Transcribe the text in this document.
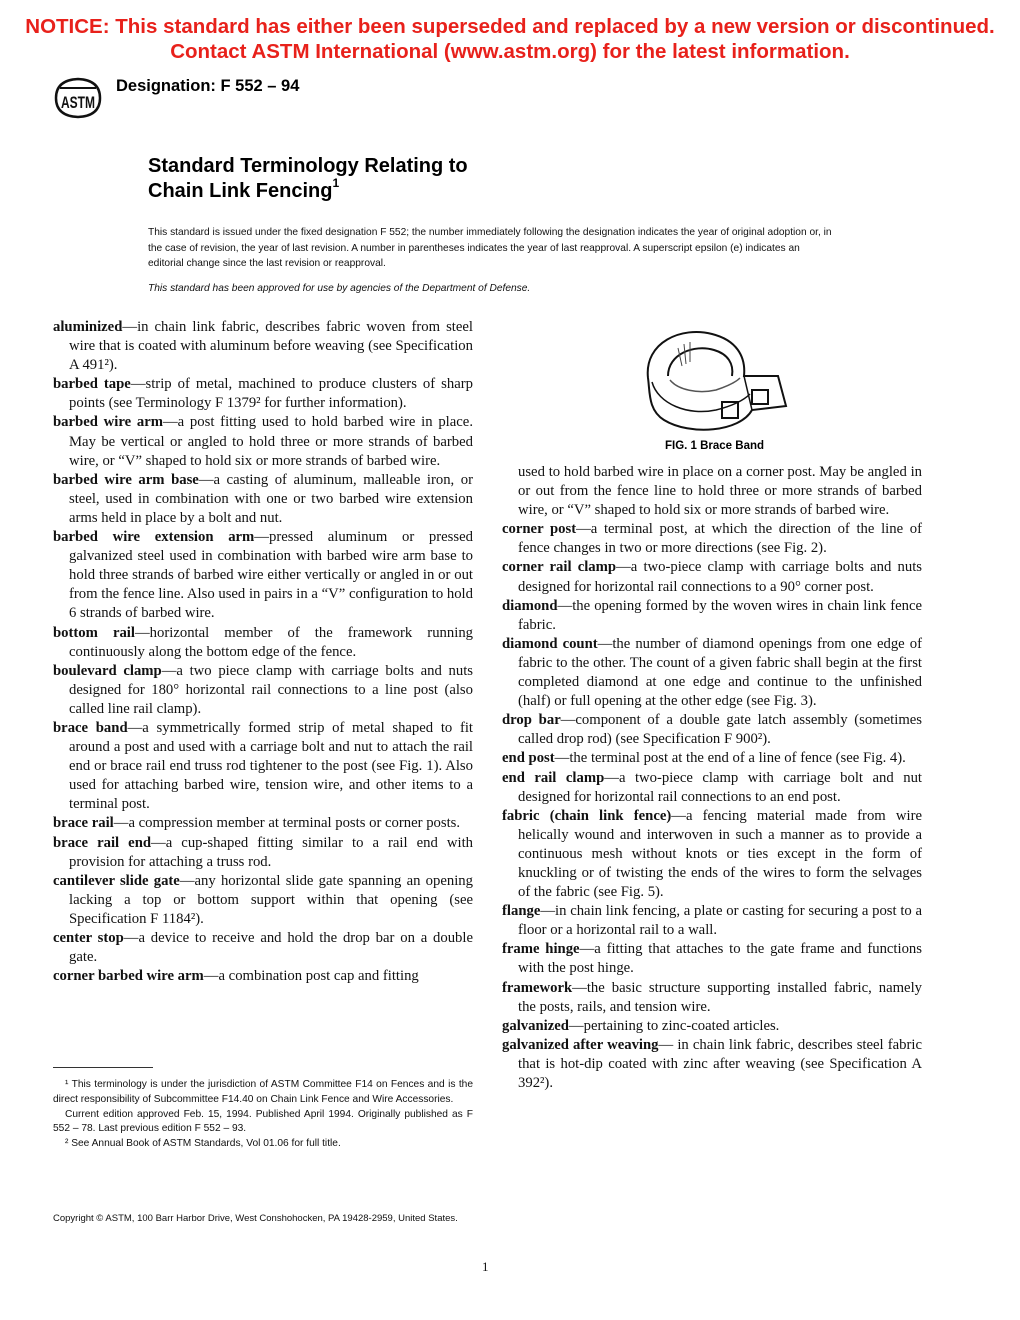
NOTICE: This standard has either been superseded and replaced by a new version or discontinued.
Contact ASTM International (www.astm.org) for the latest information.
ASTM
Designation: F 552 – 94
Standard Terminology Relating to
Chain Link Fencing$^1$
This standard is issued under the fixed designation F 552; the number immediately following the designation indicates the year of original adoption or, in the case of revision, the year of last revision. A number in parentheses indicates the year of last reapproval. A superscript epsilon (e) indicates an editorial change since the last revision or reapproval.
This standard has been approved for use by agencies of the Department of Defense.

aluminized—in chain link fabric, describes fabric woven from steel wire that is coated with aluminum before weaving (see Specification A 491²).

barbed tape—strip of metal, machined to produce clusters of sharp points (see Terminology F 1379² for further information).

barbed wire arm—a post fitting used to hold barbed wire in place. May be vertical or angled to hold three or more strands of barbed wire, or “V” shaped to hold six or more strands of barbed wire.

barbed wire arm base—a casting of aluminum, malleable iron, or steel, used in combination with one or two barbed wire extension arms held in place by a bolt and nut.

barbed wire extension arm—pressed aluminum or pressed galvanized steel used in combination with barbed wire arm base to hold three strands of barbed wire either vertically or angled in or out from the fence line. Also used in pairs in a “V” configuration to hold 6 strands of barbed wire.

bottom rail—horizontal member of the framework running continuously along the bottom edge of the fence.

boulevard clamp—a two piece clamp with carriage bolts and nuts designed for 180° horizontal rail connections to a line post (also called line rail clamp).

brace band—a symmetrically formed strip of metal shaped to fit around a post and used with a carriage bolt and nut to attach the rail end or brace rail end truss rod tightener to the post (see Fig. 1). Also used for attaching barbed wire, tension wire, and other items to a terminal post.

brace rail—a compression member at terminal posts or corner posts.

brace rail end—a cup-shaped fitting similar to a rail end with provision for attaching a truss rod.

cantilever slide gate—any horizontal slide gate spanning an opening lacking a top or bottom support within that opening (see Specification F 1184²).

center stop—a device to receive and hold the drop bar on a double gate.

corner barbed wire arm—a combination post cap and fitting

FIG. 1 Brace Band

used to hold barbed wire in place on a corner post. May be angled in or out from the fence line to hold three or more strands of barbed wire, or “V” shaped to hold six or more strands of barbed wire.

corner post—a terminal post, at which the direction of the line of fence changes in two or more directions (see Fig. 2).

corner rail clamp—a two-piece clamp with carriage bolts and nuts designed for horizontal rail connections to a 90° corner post.

diamond—the opening formed by the woven wires in chain link fence fabric.

diamond count—the number of diamond openings from one edge of fabric to the other. The count of a given fabric shall begin at the first completed diamond at one edge and continue to the unfinished (half) or full opening at the other edge (see Fig. 3).

drop bar—component of a double gate latch assembly (sometimes called drop rod) (see Specification F 900²).

end post—the terminal post at the end of a line of fence (see Fig. 4).

end rail clamp—a two-piece clamp with carriage bolt and nut designed for horizontal rail connections to an end post.

fabric (chain link fence)—a fencing material made from wire helically wound and interwoven in such a manner as to provide a continuous mesh without knots or ties except in the form of knuckling or of twisting the ends of the wires to form the selvages of the fabric (see Fig. 5).

flange—in chain link fencing, a plate or casting for securing a post to a floor or a horizontal rail to a wall.

frame hinge—a fitting that attaches to the gate frame and functions with the post hinge.

framework—the basic structure supporting installed fabric, namely the posts, rails, and tension wire.

galvanized—pertaining to zinc-coated articles.

galvanized after weaving— in chain link fabric, describes steel fabric that is hot-dip coated with zinc after weaving (see Specification A 392²).

¹ This terminology is under the jurisdiction of ASTM Committee F14 on Fences and is the direct responsibility of Subcommittee F14.40 on Chain Link Fence and Wire Accessories.

Current edition approved Feb. 15, 1994. Published April 1994. Originally published as F 552 – 78. Last previous edition F 552 – 93.

² See Annual Book of ASTM Standards, Vol 01.06 for full title.

Copyright © ASTM, 100 Barr Harbor Drive, West Conshohocken, PA 19428-2959, United States.
1
